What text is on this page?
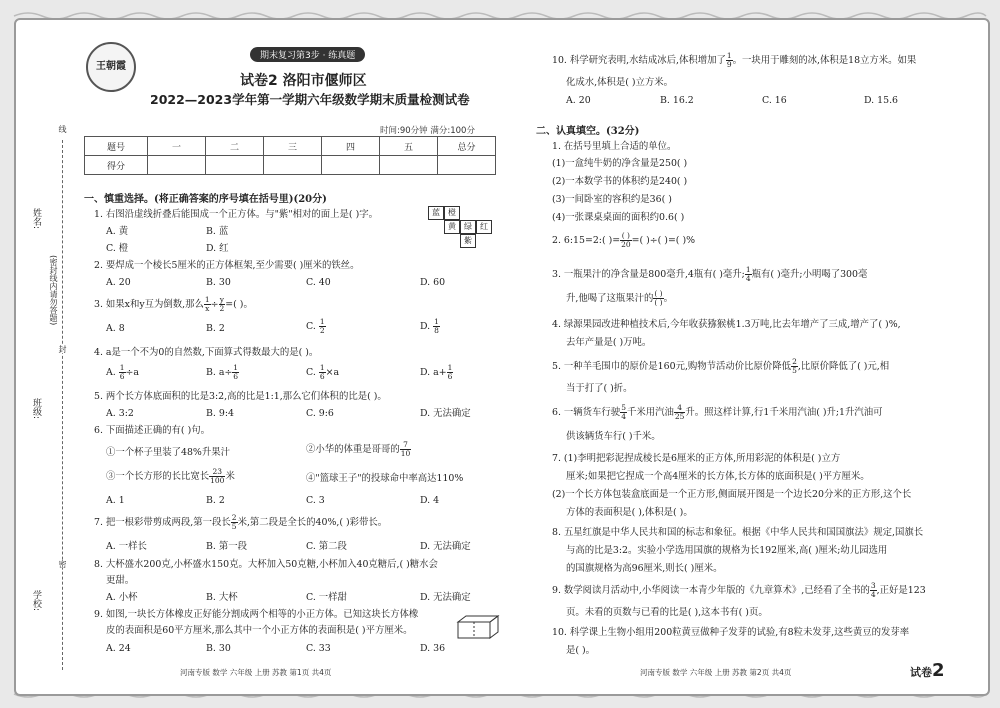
姓名:
班级:
学校:
(密封线内请勿答题)
线
封
密
王朝霞
期末复习第3步 · 练真题
试卷2 洛阳市偃师区
2022—2023学年第一学期六年级数学期末质量检测试卷
时间:90分钟 满分:100分
题号	一	二	三	四	五	总分
得分						
一、慎重选择。(将正确答案的序号填在括号里)(20分)
1. 右图沿虚线折叠后能围成一个正方体。与"紫"相对的面上是( )字。	蓝	橙
黄	绿	红
紫
A. 黄	B. 蓝
C. 橙	D. 红
2. 要焊成一个棱长5厘米的正方体框架,至少需要( )厘米的铁丝。
A. 20	B. 30	C. 40	D. 60
3. 如果x和y互为倒数,那么 $\frac{1}{x} \div \frac{y}{2}$ =( )。
A. 8	B. 2	C. $\frac{1}{2}$	D. $\frac{1}{8}$
4. a是一个不为0的自然数,下面算式得数最大的是( )。
A. $\frac{1}{6} \div a$	B. $a\div \frac{1}{6}$	C. $\frac{1}{6} \times a$	D. $a+ \frac{1}{6}$
5. 两个长方体底面积的比是3:2,高的比是1:1,那么它们体积的比是( )。
A. 3:2	B. 9:4	C. 9:6	D. 无法确定
6. 下面描述正确的有( )句。
①一个杯子里装了48%升果汁	②小华的体重是哥哥的 $\frac{7}{10}$
③一个长方形的长比宽长 $\frac{23}{100}$ 米	④"篮球王子"的投球命中率高达110%
A. 1	B. 2	C. 3	D. 4
7. 把一根彩带剪成两段,第一段长 $\frac{2}{5}$ 米,第二段是全长的40%,( )彩带长。
A. 一样长	B. 第一段	C. 第二段	D. 无法确定
8. 大杯盛水200克,小杯盛水150克。大杯加入50克糖,小杯加入40克糖后,( )糖水会
更甜。
A. 小杯	B. 大杯	C. 一样甜	D. 无法确定
9. 如图,一块长方体橡皮正好能分割成两个相等的小正方体。已知这块长方体橡
皮的表面积是60平方厘米,那么其中一个小正方体的表面积是( )平方厘米。
A. 24	B. 30	C. 33	D. 36
河南专版 数学 六年级 上册 苏教 第1页 共4页
10. 科学研究表明,水结成冰后,体积增加了 $\frac{1}{9}$ 。一块用于雕刻的冰,体积是18立方米。如果
化成水,体积是( )立方米。
A. 20	B. 16.2	C. 16	D. 15.6
二、认真填空。(32分)
1. 在括号里填上合适的单位。
(1)一盒纯牛奶的净含量是250( )
(2)一本数学书的体积约是240( )
(3)一间卧室的容积约是36( )
(4)一张课桌桌面的面积约0.6( )
2. 6:15=2:( )= $\frac{( )}{20}$ =( )÷( )=( )%
3. 一瓶果汁的净含量是800毫升,4瓶有( )毫升; $\frac{1}{4}$ 瓶有( )毫升;小明喝了300毫
升,他喝了这瓶果汁的 $\frac{( )}{( )}$ 。
4. 绿源果园改进种植技术后,今年收获猕猴桃1.3万吨,比去年增产了三成,增产了( )%,
去年产量是( )万吨。
5. 一种羊毛围巾的原价是160元,购物节活动价比原价降低 $\frac{2}{5}$ ,比原价降低了( )元,相
当于打了( )折。
6. 一辆货车行驶 $\frac{5}{4}$ 千米用汽油 $\frac{4}{25}$ 升。照这样计算,行1千米用汽油( )升;1升汽油可
供该辆货车行( )千米。
7. (1)李明把彩泥捏成棱长是6厘米的正方体,所用彩泥的体积是( )立方
厘米;如果把它捏成一个高4厘米的长方体,长方体的底面积是( )平方厘米。
(2)一个长方体包装盒底面是一个正方形,侧面展开图是一个边长20分米的正方形,这个长
方体的表面积是( ),体积是( )。
8. 五星红旗是中华人民共和国的标志和象征。根据《中华人民共和国国旗法》规定,国旗长
与高的比是3:2。实验小学选用国旗的规格为长192厘米,高( )厘米;幼儿园选用
的国旗规格为高96厘米,则长( )厘米。
9. 数学阅读月活动中,小华阅读一本青少年版的《九章算术》,已经看了全书的 $\frac{3}{4}$ ,正好是123
页。未看的页数与已看的比是( ),这本书有( )页。
10. 科学课上生物小组用200粒黄豆做种子发芽的试验,有8粒未发芽,这些黄豆的发芽率
是( )。
河南专版 数学 六年级 上册 苏教 第2页 共4页	试卷2
